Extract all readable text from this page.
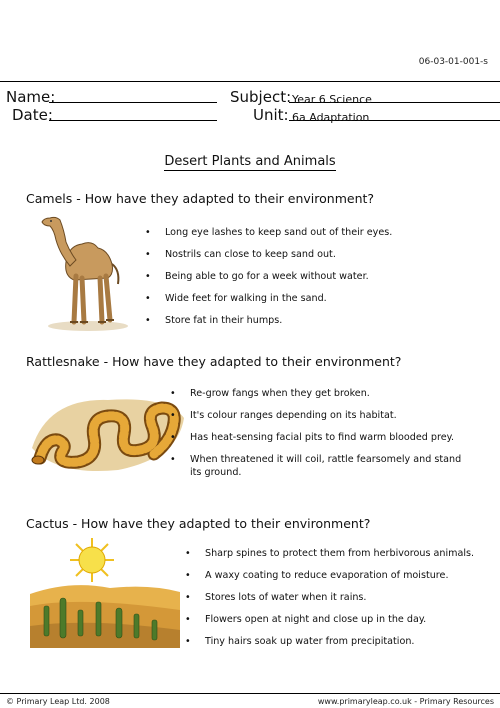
06-03-01-001-s
Name:
Date:
Subject: Year 6 Science
Unit: 6a Adaptation
Desert Plants and Animals
Camels - How have they adapted to their environment?
• Long eye lashes to keep sand out of their eyes.
• Nostrils can close to keep sand out.
• Being able to go for a week without water.
• Wide feet for walking in the sand.
• Store fat in their humps.
Rattlesnake - How have they adapted to their environment?
• Re-grow fangs when they get broken.
• It's colour ranges depending on its habitat.
• Has heat-sensing facial pits to find warm blooded prey.
• When threatened it will coil, rattle fearsomely and stand its ground.
Cactus - How have they adapted to their environment?
• Sharp spines to protect them from herbivorous animals.
• A waxy coating to reduce evaporation of moisture.
• Stores lots of water when it rains.
• Flowers open at night and close up in the day.
• Tiny hairs soak up water from precipitation.
© Primary Leap Ltd. 2008	www.primaryleap.co.uk - Primary Resources
